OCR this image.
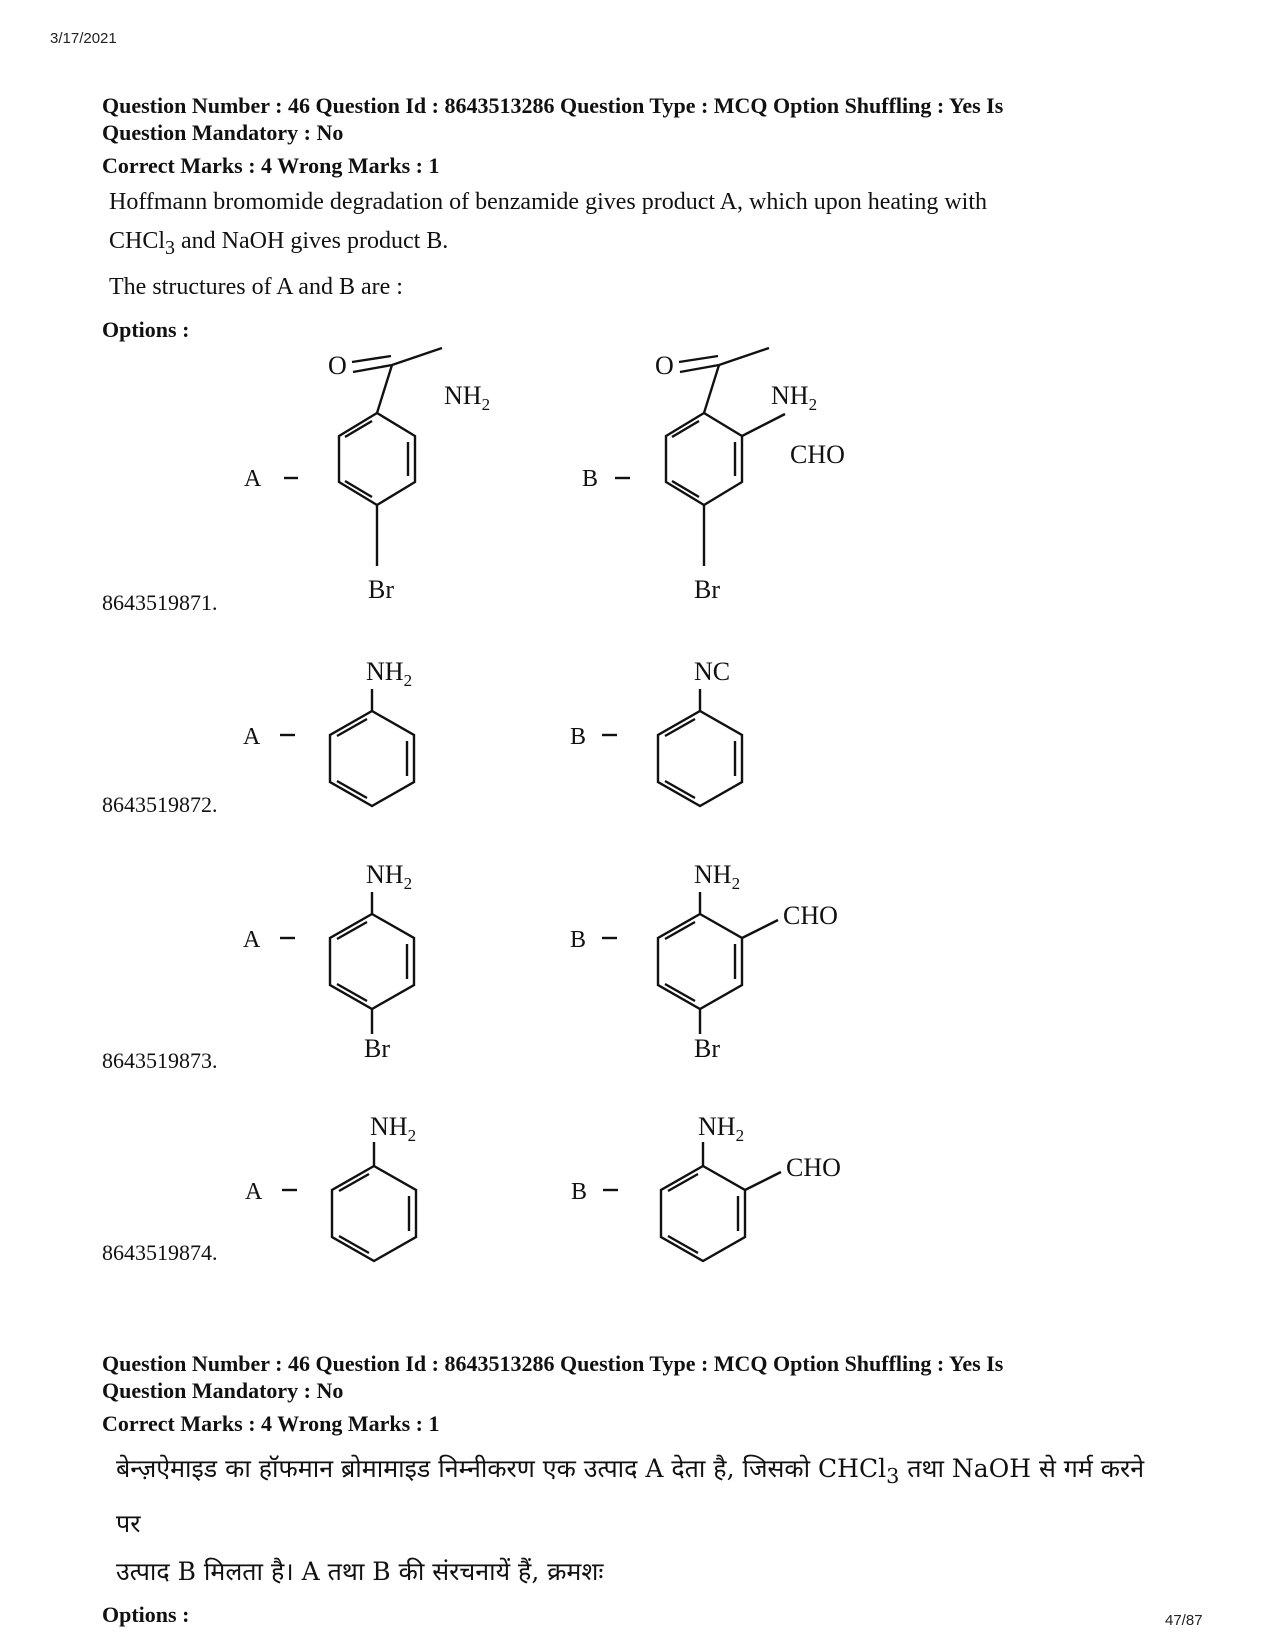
3/17/2021
Question Number : 46 Question Id : 8643513286 Question Type : MCQ Option Shuffling : Yes Is
Question Mandatory : No
Correct Marks : 4 Wrong Marks : 1
Hoffmann bromomide degradation of benzamide gives product A, which upon heating with
CHCl$_3$ and NaOH gives product B.
The structures of A and B are :
Options :
8643519871.
O
$NH_2$
A
Br
O
$NH_2$
CHO
B
Br
8643519872.
$NH_2$
A
NC
B
8643519873.
$NH_2$
A
Br
$NH_2$
CHO
B
Br
8643519874.
$NH_2$
A
$NH_2$
CHO
B
Question Number : 46 Question Id : 8643513286 Question Type : MCQ Option Shuffling : Yes Is
Question Mandatory : No
Correct Marks : 4 Wrong Marks : 1
बेन्ज़ऐमाइड का हॉफमान ब्रोमामाइड निम्नीकरण एक उत्पाद A देता है, जिसको CHCl$_3$ तथा NaOH से गर्म करने पर
उत्पाद B मिलता है। A तथा B की संरचनायें हैं, क्रमशः
Options :	47/87
